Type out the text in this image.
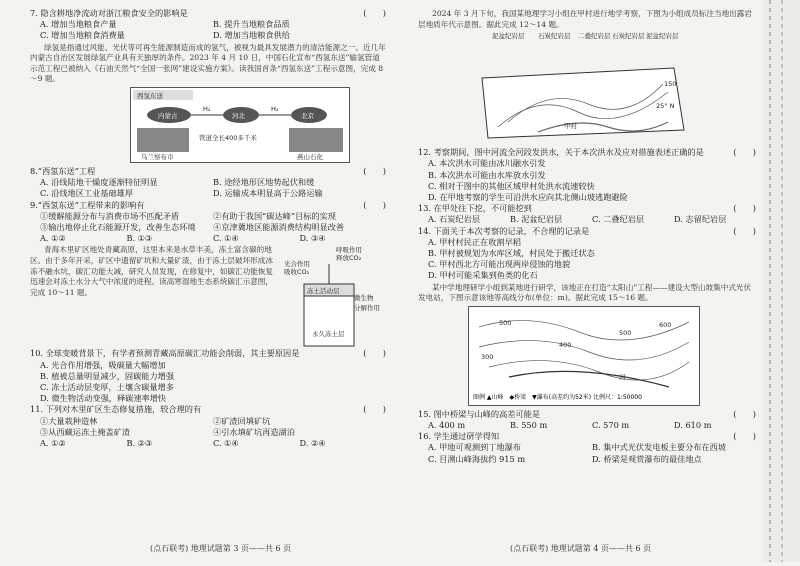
7. 隐含耕地净流动对浙江粮食安全的影响是	(　　)
A. 增加当地粮食产量	B. 提升当地粮食品质
C. 增加当地粮食消费量	D. 增加当地粮食供给

绿氢是指通过风能、光伏等可再生能源制造而成的氢气，被视为最具发展潜力的清洁能源之一。近几年内蒙古自治区发展绿氢产业具有天独厚的条件。2023 年 4 月 10 日，中国石化宣布“西氢东送”输氢管道示范工程已被纳入《石油天然气“全国一张网”建设实施方案》。读我国首条“西氢东送”工程示意图，完成 8～9 题。

西氢东送
内蒙古	河北	北京
H₂	H₂
管道全长400多千米
乌兰察布市	燕山石化
8.“西氢东送”工程	(　　)
A. 沿线陆地干燥度逐渐特征明显	B. 途经地形区地势起伏和缓
C. 沿线地区工业基础雄厚	D. 运输成本明显高于公路运输
9.“西氢东送”工程带来的影响有	(　　)
①缓解能源分布与消费市场不匹配矛盾	②有助于我国“碳达峰”目标的实现
③输出地停止化石能源开发，改善生态环境	④京津冀地区能源消费结构明显改善
A. ①②	B. ①③	C. ①④	D. ③④

青海木里矿区地处青藏高原，这里本来是水草丰美，冻土富含碳的地区。由于多年开采，矿区中遗留矿坑和大量矿渣，由于冻土层破坏形成冰冻不融水坑，碳汇功能大减，研究人员发现，在修复中，如碳汇功能恢复迅速会对冻土水分大气中浓度的进程。读高寒湿地生态系统碳汇示意图，完成 10～11 题。	冻土活动层
呼吸作用
释放CO₂
光合作用
吸收CO₂
微生物
分解作用
永久冻土层
10. 全球变暖背景下，有学者预测青藏高原碳汇功能会削弱，其主要原因是	(　　)
A. 光合作用增强，吸碳量大幅增加
B. 植被总量明显减少，固碳能力增强
C. 冻土活动层变厚，土壤含碳量增多
D. 微生物活动变强，释碳速率增快
11. 下列对木里矿区生态修复措施，较合理的有	(　　)
①大量栽种造林	②矿渣回填矿坑
③从西藏运冻土掩盖矿渣	④引水填矿坑再造湖泊
A. ①②	B. ②③	C. ①④	D. ②④
(点石联考) 地理试题第 3 页——共 6 页

2024 年 3 月下旬，我国某地理学习小组在甲村进行地学考察，下图为小组成员标注当地出露岩层地质年代示意图。据此完成 12～14 题。

泥盆纪岩层 石炭纪岩层 二叠纪岩层 石炭纪岩层 泥盆纪岩层
150
25° N
甲村
12. 考察期间，图中河流全河段发洪水，关于本次洪水及应对措施表述正确的是	(　　)
A. 本次洪水可能由冰川融水引发
B. 本次洪水可能由水库放水引发
C. 相对于图中的其他区域甲村处洪水流速较快
D. 在甲地考察的学生可沿洪水应向其北侧山坡逃跑避险
13. 在甲处往下挖，不可能挖到	(　　)
A. 石炭纪岩层	B. 泥盆纪岩层	C. 二叠纪岩层	D. 志留纪岩层
14. 下面关于本次考察的记录，不合理的记录是	(　　)
A. 甲村村民正在收割早稻
B. 甲村被规划为水库区域，村民处于搬迁状态
C. 甲村西北方可能出现两岸侵蚀的地貌
D. 甲村可能采集到鱼类的化石

某中学地理研学小组到某地进行研学，该地正在打造“太阳山”工程——建设大型山坡集中式光伏发电站，下图示意该地等高线分布(单位：m)。据此完成 15～16 题。

500
300
400
500
600
河
图例 ▲山峰　◆桥梁　▼瀑布(高差约为52米) 比例尺：1:50000
15. 图中桥梁与山峰的高差可能是	(　　)
A. 400 m	B. 550 m	C. 570 m	D. 610 m
16. 学生通过研学得知	(　　)
A. 甲地可观测到丁地瀑布	B. 集中式光伏发电板主要分布在西坡
C. 目测山峰海拔约 915 m	D. 桥梁是观赏瀑布的最佳地点
(点石联考) 地理试题第 4 页——共 6 页
